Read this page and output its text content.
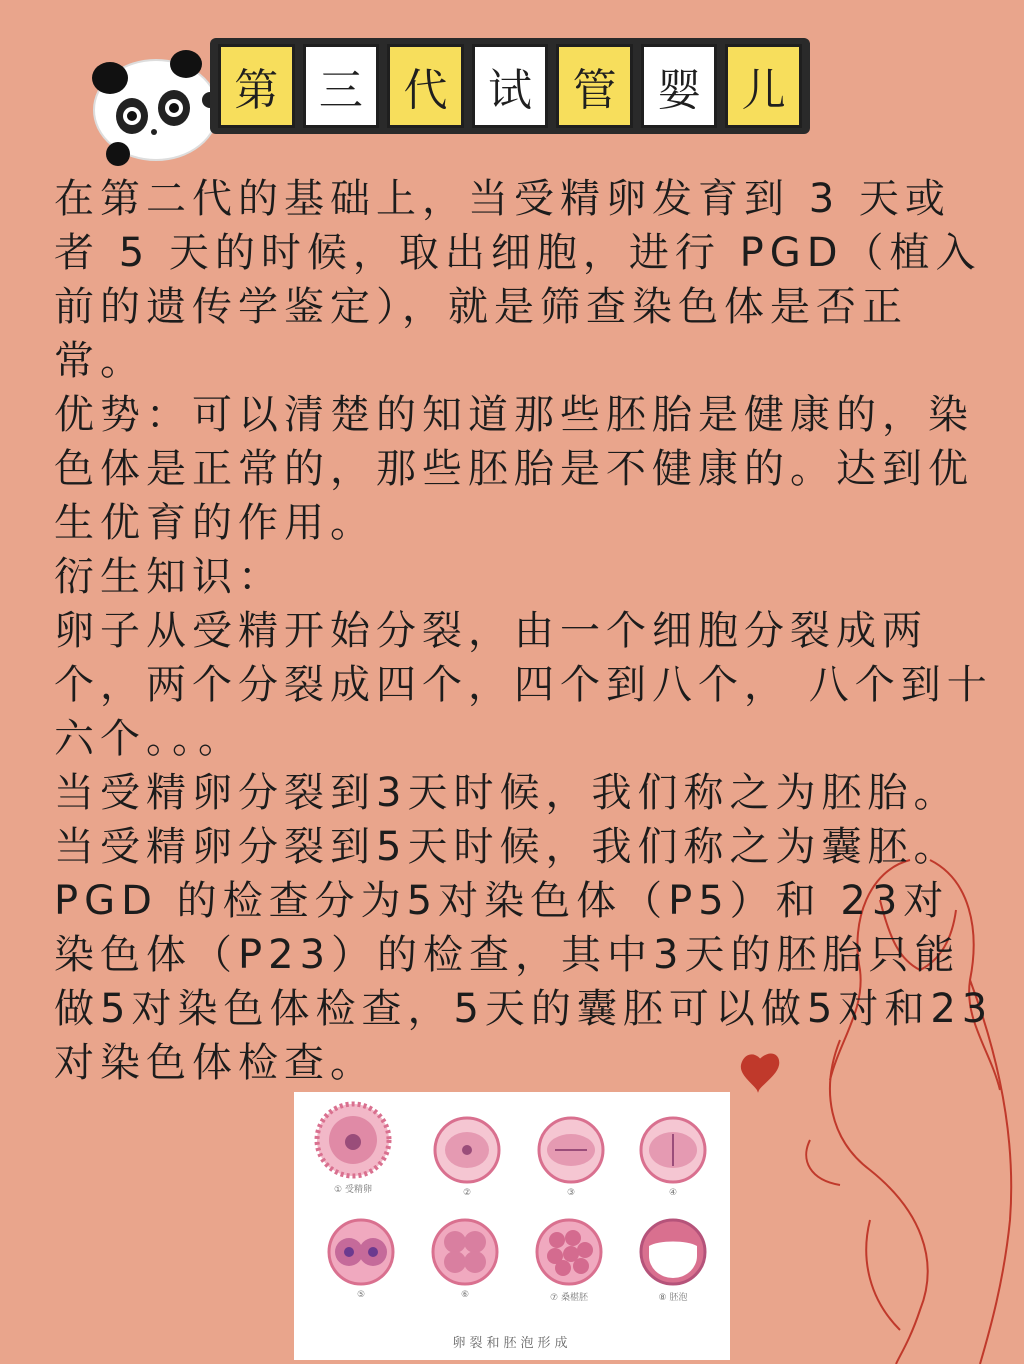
第 三 代 试 管 婴 儿

在第二代的基础上，当受精卵发育到 3 天或者 5 天的时候，取出细胞，进行 PGD（植入前的遗传学鉴定），就是筛查染色体是否正常。

优势：可以清楚的知道那些胚胎是健康的，染色体是正常的，那些胚胎是不健康的。达到优生优育的作用。

衍生知识：

卵子从受精开始分裂，由一个细胞分裂成两个，两个分裂成四个，四个到八个， 八个到十六个。。。

当受精卵分裂到3天时候，我们称之为胚胎。

当受精卵分裂到5天时候，我们称之为囊胚。

PGD 的检查分为5对染色体（P5）和 23对染色体（P23）的检查，其中3天的胚胎只能做5对染色体检查，5天的囊胚可以做5对和23对染色体检查。

① 受精卵	②	③	④
⑤	⑥	⑦ 桑椹胚	⑧ 胚泡
卵裂和胚泡形成
